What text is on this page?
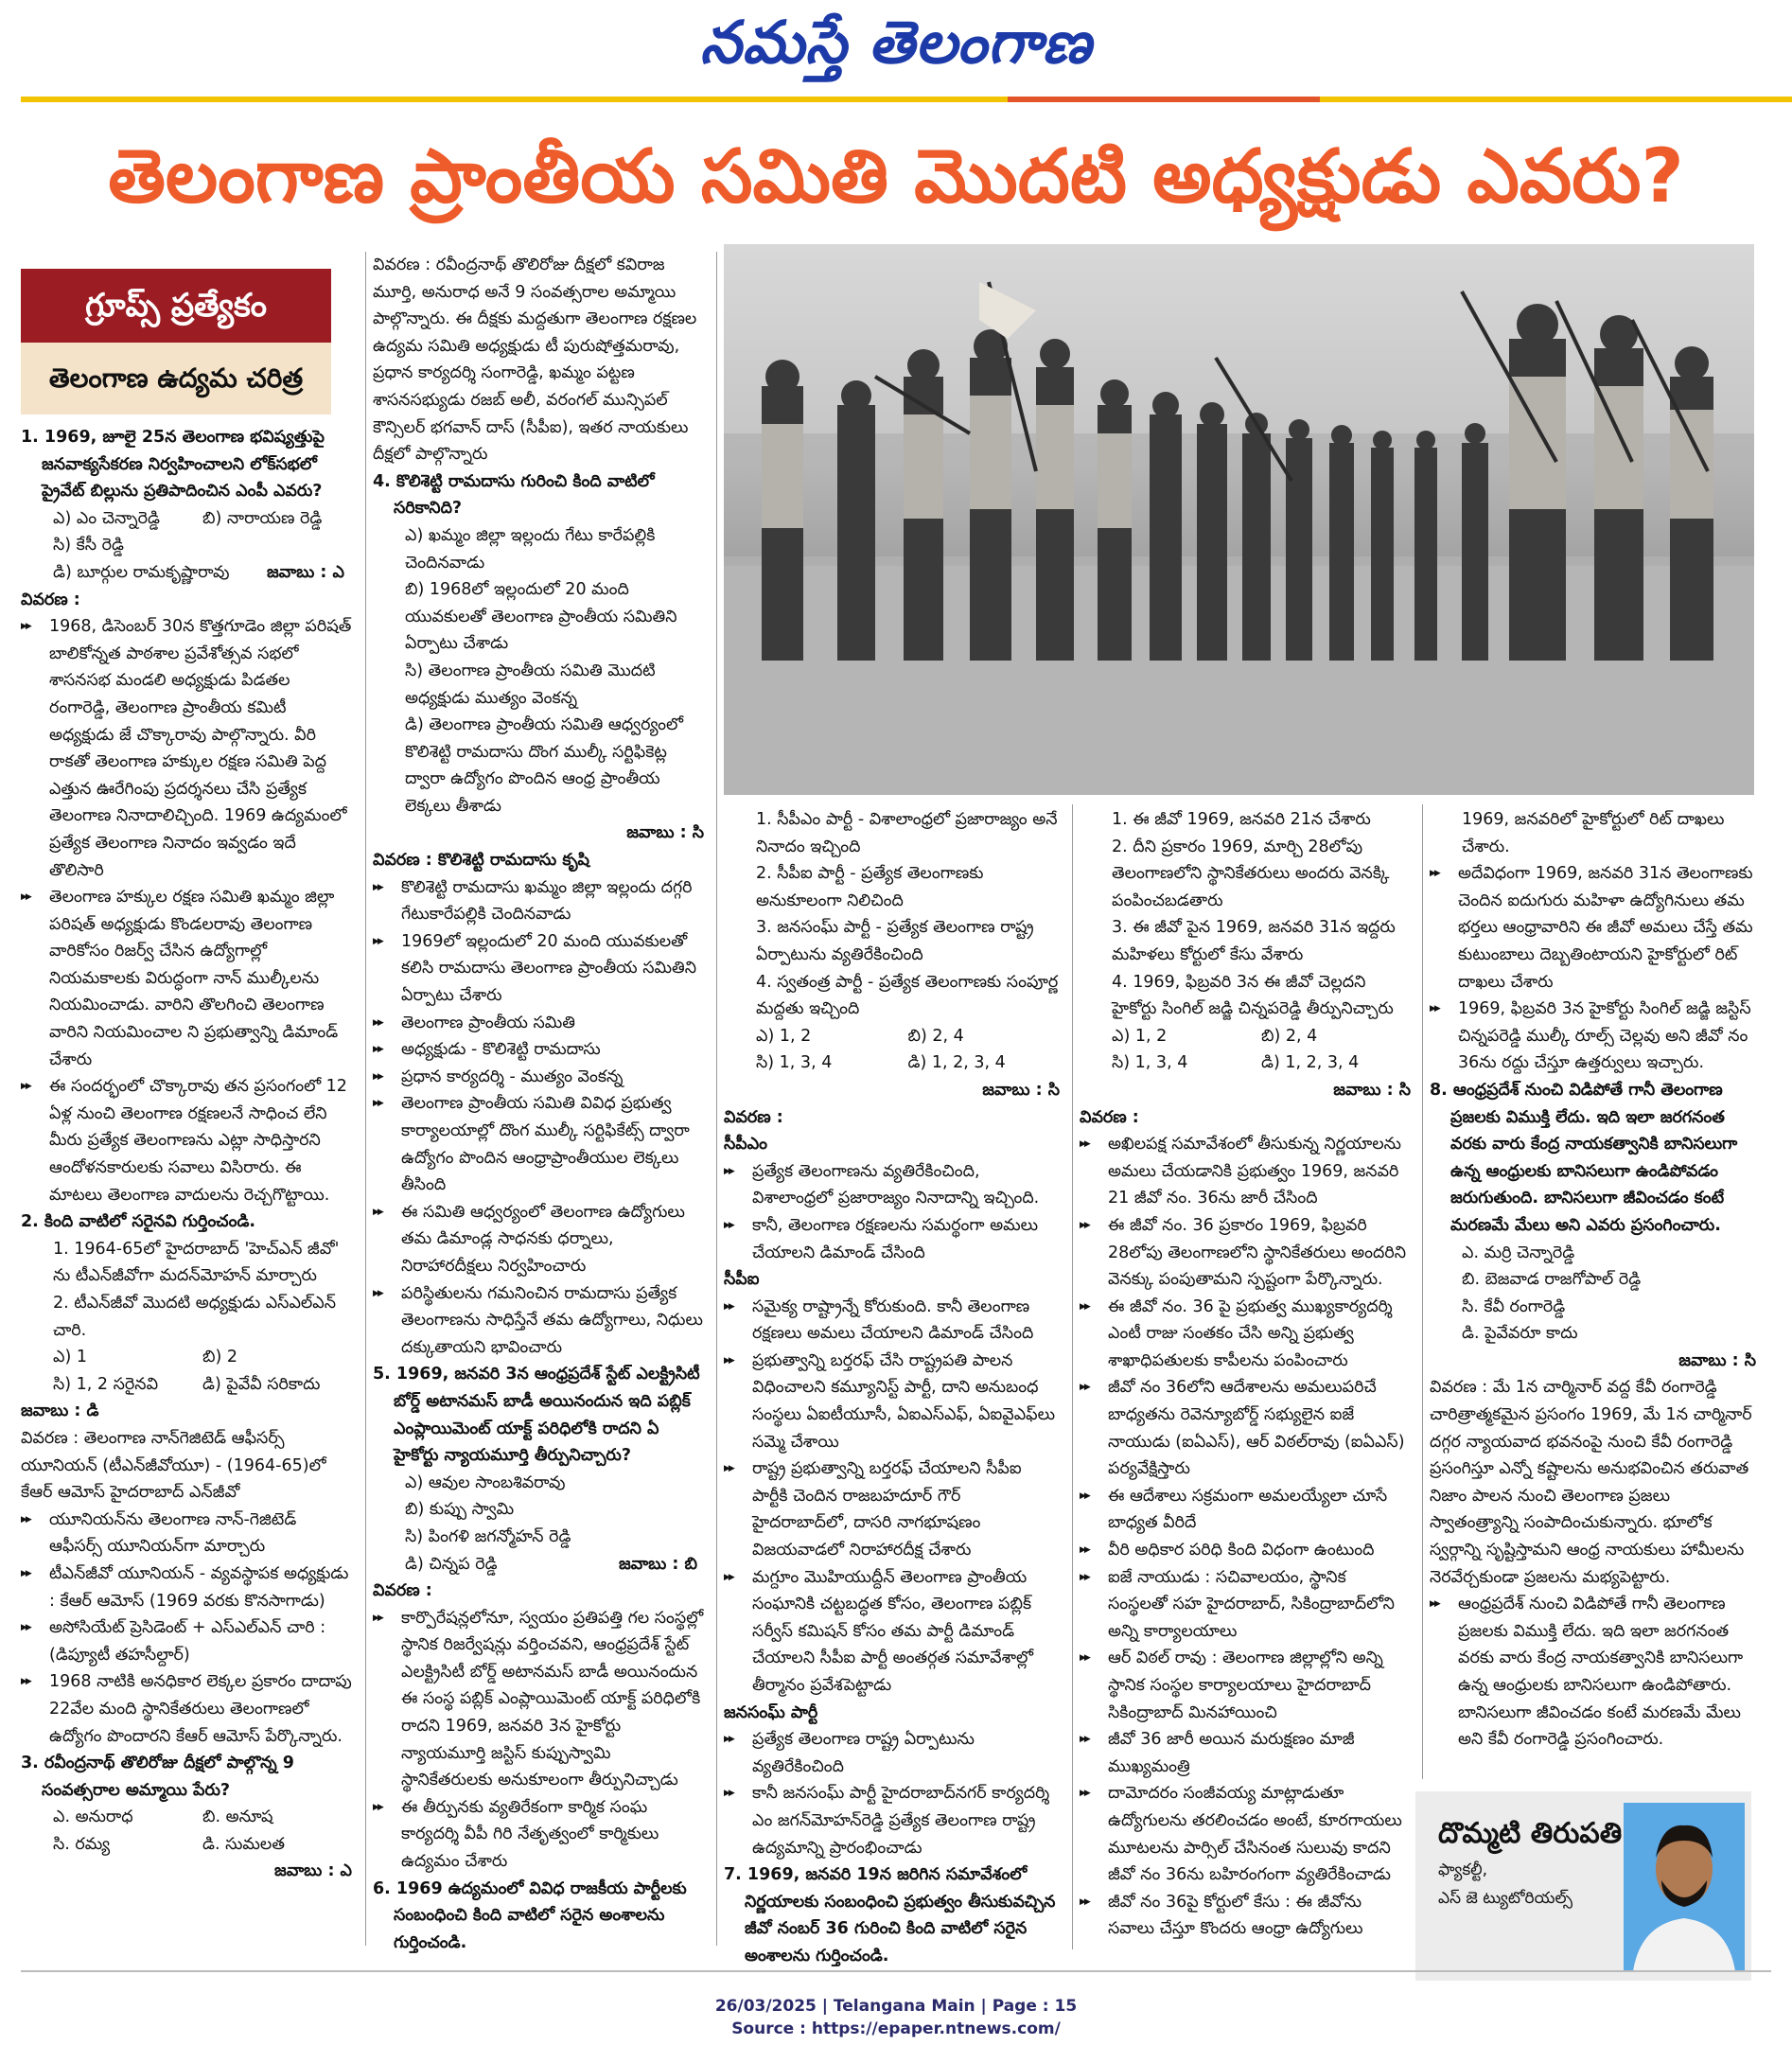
నమస్తే తెలంగాణ
తెలంగాణ ప్రాంతీయ సమితి మొదటి అధ్యక్షుడు ఎవరు?
గ్రూప్స్ ప్రత్యేకం
తెలంగాణ ఉద్యమ చరిత్ర

1. 1969, జూలై 25న తెలంగాణ భవిష్యత్తుపై జనవాక్యసేకరణ నిర్వహించాలని లోక్‌సభలో ప్రైవేట్ బిల్లును ప్రతిపాదించిన ఎంపీ ఎవరు?

ఎ) ఎం చెన్నారెడ్డి	బి) నారాయణ రెడ్డి

సి) కేసీ రెడ్డి

డి) బూర్గుల రామకృష్ణారావు	జవాబు : ఎ

వివరణ :

▶▶ 1968, డిసెంబర్ 30న కొత్తగూడెం జిల్లా పరిషత్ బాలికోన్నత పాఠశాల ప్రవేశోత్సవ సభలో శాసనసభ మండలి అధ్యక్షుడు పిడతల రంగారెడ్డి, తెలంగాణ ప్రాంతీయ కమిటీ అధ్యక్షుడు జే చొక్కారావు పాల్గొన్నారు. వీరి రాకతో తెలంగాణ హక్కుల రక్షణ సమితి పెద్ద ఎత్తున ఊరేగింపు ప్రదర్శనలు చేసి ప్రత్యేక తెలంగాణ నినాదాలిచ్చింది. 1969 ఉద్యమంలో ప్రత్యేక తెలంగాణ నినాదం ఇవ్వడం ఇదే తొలిసారి

▶▶ తెలంగాణ హక్కుల రక్షణ సమితి ఖమ్మం జిల్లా పరిషత్ అధ్యక్షుడు కొండలరావు తెలంగాణ వారికోసం రిజర్వ్ చేసిన ఉద్యోగాల్లో నియమకాలకు విరుద్ధంగా నాన్ ముల్కీలను నియమించాడు. వారిని తొలగించి తెలంగాణ వారిని నియమించాల ని ప్రభుత్వాన్ని డిమాండ్ చేశారు

▶▶ ఈ సందర్భంలో చొక్కారావు తన ప్రసంగంలో 12 ఏళ్ల నుంచి తెలంగాణ రక్షణలనే సాధించ లేని మీరు ప్రత్యేక తెలంగాణను ఎట్లా సాధిస్తారని ఆందోళనకారులకు సవాలు విసిరారు. ఈ మాటలు తెలంగాణ వాదులను రెచ్చగొట్టాయి.

2. కింది వాటిలో సరైనవి గుర్తించండి.

1. 1964-65లో హైదరాబాద్ 'హెచ్ఎన్ జీవో' ను టీఎన్‌జీవోగా మదన్‌మోహన్ మార్చారు

2. టీఎన్‌జీవో మొదటి అధ్యక్షుడు ఎస్ఎల్ఎన్ చారి.

ఎ) 1	బి) 2

సి) 1, 2 సరైనవి	డి) పైవేవీ సరికాదు

జవాబు : డి

వివరణ : తెలంగాణ నాన్‌గెజిటెడ్ ఆఫీసర్స్ యూనియన్ (టీఎన్‌జీవోయూ) - (1964-65)లో కేఆర్ ఆమోస్ హైదరాబాద్ ఎన్‌జీవో

▶▶ యూనియన్‌ను తెలంగాణ నాన్-గెజిటెడ్ ఆఫీసర్స్ యూనియన్‌గా మార్చారు

▶▶ టీఎన్‌జీవో యూనియన్ - వ్యవస్థాపక అధ్యక్షుడు : కేఆర్ ఆమోస్ (1969 వరకు కొనసాగాడు)

▶▶ అసోసియేట్ ప్రెసిడెంట్ + ఎస్ఎల్ఎన్ చారి : (డిప్యూటీ తహసీల్దార్)

▶▶ 1968 నాటికి అనధికార లెక్కల ప్రకారం దాదాపు 22వేల మంది స్థానికేతరులు తెలంగాణలో ఉద్యోగం పొందారని కేఆర్ ఆమోస్ పేర్కొన్నారు.

3. రవీంద్రనాథ్ తొలిరోజు దీక్షలో పాల్గొన్న 9 సంవత్సరాల అమ్మాయి పేరు?

ఎ. అనురాధ	బి. అనూష

సి. రమ్య	డి. సుమలత

జవాబు : ఎ

వివరణ : రవీంద్రనాథ్ తొలిరోజు దీక్షలో కవిరాజ మూర్తి, అనురాధ అనే 9 సంవత్సరాల అమ్మాయి పాల్గొన్నారు. ఈ దీక్షకు మద్దతుగా తెలంగాణ రక్షణల ఉద్యమ సమితి అధ్యక్షుడు టీ పురుషోత్తమరావు, ప్రధాన కార్యదర్శి సంగారెడ్డి, ఖమ్మం పట్టణ శాసనసభ్యుడు రజబ్ అలీ, వరంగల్ మున్సిపల్ కౌన్సిలర్ భగవాన్ దాస్ (సీపీఐ), ఇతర నాయకులు దీక్షలో పాల్గొన్నారు

4. కొలిశెట్టి రామదాసు గురించి కింది వాటిలో సరికానిది?

ఎ) ఖమ్మం జిల్లా ఇల్లందు గేటు కారేపల్లికి చెందినవాడు

బి) 1968లో ఇల్లందులో 20 మంది యువకులతో తెలంగాణ ప్రాంతీయ సమితిని ఏర్పాటు చేశాడు

సి) తెలంగాణ ప్రాంతీయ సమితి మొదటి అధ్యక్షుడు ముత్యం వెంకన్న

డి) తెలంగాణ ప్రాంతీయ సమితి ఆధ్వర్యంలో కొలిశెట్టి రామదాసు దొంగ ముల్కీ సర్టిఫికెట్ల ద్వారా ఉద్యోగం పొందిన ఆంధ్ర ప్రాంతీయ లెక్కలు తీశాడు

జవాబు : సి

వివరణ : కొలిశెట్టి రామదాసు కృషి

▶▶ కొలిశెట్టి రామదాసు ఖమ్మం జిల్లా ఇల్లందు దగ్గరి గేటుకారేపల్లికి చెందినవాడు

▶▶ 1969లో ఇల్లందులో 20 మంది యువకులతో కలిసి రామదాసు తెలంగాణ ప్రాంతీయ సమితిని ఏర్పాటు చేశారు

▶▶ తెలంగాణ ప్రాంతీయ సమితి

▶▶ అధ్యక్షుడు - కొలిశెట్టి రామదాసు

▶▶ ప్రధాన కార్యదర్శి - ముత్యం వెంకన్న

▶▶ తెలంగాణ ప్రాంతీయ సమితి వివిధ ప్రభుత్వ కార్యాలయాల్లో దొంగ ముల్కీ సర్టిఫికేట్స్ ద్వారా ఉద్యోగం పొందిన ఆంధ్రాప్రాంతీయుల లెక్కలు తీసింది

▶▶ ఈ సమితి ఆధ్వర్యంలో తెలంగాణ ఉద్యోగులు తమ డిమాండ్ల సాధనకు ధర్నాలు, నిరాహారదీక్షలు నిర్వహించారు

▶▶ పరిస్థితులను గమనించిన రామదాసు ప్రత్యేక తెలంగాణను సాధిస్తేనే తమ ఉద్యోగాలు, నిధులు దక్కుతాయని భావించారు

5. 1969, జనవరి 3న ఆంధ్రప్రదేశ్ స్టేట్ ఎలక్ట్రిసిటీ బోర్డ్ అటానమస్ బాడీ అయినందున ఇది పబ్లిక్ ఎంప్లాయిమెంట్ యాక్ట్ పరిధిలోకి రాదని ఏ హైకోర్టు న్యాయమూర్తి తీర్పునిచ్చారు?

ఎ) ఆవుల సాంబశివరావు

బి) కుప్పు స్వామి

సి) పింగళి జగన్మోహన్ రెడ్డి

డి) చిన్నప రెడ్డి	జవాబు : బి

వివరణ :

▶▶ కార్పొరేషన్లలోనూ, స్వయం ప్రతిపత్తి గల సంస్థల్లో స్థానిక రిజర్వేషన్లు వర్తించవని, ఆంధ్రప్రదేశ్ స్టేట్ ఎలక్ట్రిసిటీ బోర్డ్ అటానమస్ బాడీ అయినందున ఈ సంస్థ పబ్లిక్ ఎంప్లాయిమెంట్ యాక్ట్ పరిధిలోకి రాదని 1969, జనవరి 3న హైకోర్టు న్యాయమూర్తి జస్టిస్ కుప్పుస్వామి స్థానికేతరులకు అనుకూలంగా తీర్పునిచ్చాడు

▶▶ ఈ తీర్పునకు వ్యతిరేకంగా కార్మిక సంఘ కార్యదర్శి వీపీ గిరి నేతృత్వంలో కార్మికులు ఉద్యమం చేశారు

6. 1969 ఉద్యమంలో వివిధ రాజకీయ పార్టీలకు సంబంధించి కింది వాటిలో సరైన అంశాలను గుర్తించండి.

1. సీపీఎం పార్టీ - విశాలాంధ్రలో ప్రజారాజ్యం అనే నినాదం ఇచ్చింది

2. సీపీఐ పార్టీ - ప్రత్యేక తెలంగాణకు అనుకూలంగా నిలిచింది

3. జనసంఘ్ పార్టీ - ప్రత్యేక తెలంగాణ రాష్ట్ర ఏర్పాటును వ్యతిరేకించింది

4. స్వతంత్ర పార్టీ - ప్రత్యేక తెలంగాణకు సంపూర్ణ మద్దతు ఇచ్చింది

ఎ) 1, 2	బి) 2, 4

సి) 1, 3, 4	డి) 1, 2, 3, 4

జవాబు : సి

వివరణ :

సీపీఎం

▶▶ ప్రత్యేక తెలంగాణను వ్యతిరేకించింది, విశాలాంధ్రలో ప్రజారాజ్యం నినాదాన్ని ఇచ్చింది.

▶▶ కానీ, తెలంగాణ రక్షణలను సమర్థంగా అమలు చేయాలని డిమాండ్ చేసింది

సీపీఐ

▶▶ సమైక్య రాష్ట్రాన్నే కోరుకుంది. కానీ తెలంగాణ రక్షణలు అమలు చేయాలని డిమాండ్ చేసింది

▶▶ ప్రభుత్వాన్ని బర్తరఫ్ చేసి రాష్ట్రపతి పాలన విధించాలని కమ్యూనిస్ట్ పార్టీ, దాని అనుబంధ సంస్థలు ఏఐటీయూసీ, ఏఐఎస్ఎఫ్, ఏఐవైఎఫ్‌లు సమ్మె చేశాయి

▶▶ రాష్ట్ర ప్రభుత్వాన్ని బర్తరఫ్ చేయాలని సీపీఐ పార్టీకి చెందిన రాజబహదూర్ గౌర్ హైదరాబాద్‌లో, దాసరి నాగభూషణం విజయవాడలో నిరాహారదీక్ష చేశారు

▶▶ మగ్దూం మొహియుద్దీన్ తెలంగాణ ప్రాంతీయ సంఘానికి చట్టబద్ధత కోసం, తెలంగాణ పబ్లిక్ సర్వీస్ కమిషన్ కోసం తమ పార్టీ డిమాండ్ చేయాలని సీపీఐ పార్టీ అంతర్గత సమావేశాల్లో తీర్మానం ప్రవేశపెట్టాడు

జనసంఘ్ పార్టీ

▶▶ ప్రత్యేక తెలంగాణ రాష్ట్ర ఏర్పాటును వ్యతిరేకించింది

▶▶ కానీ జనసంఘ్ పార్టీ హైదరాబాద్‌నగర్ కార్యదర్శి ఎం జగన్‌మోహన్‌రెడ్డి ప్రత్యేక తెలంగాణ రాష్ట్ర ఉద్యమాన్ని ప్రారంభించాడు

7. 1969, జనవరి 19న జరిగిన సమావేశంలో నిర్ణయాలకు సంబంధించి ప్రభుత్వం తీసుకువచ్చిన జీవో నంబర్ 36 గురించి కింది వాటిలో సరైన అంశాలను గుర్తించండి.

1. ఈ జీవో 1969, జనవరి 21న చేశారు

2. దీని ప్రకారం 1969, మార్చి 28లోపు తెలంగాణలోని స్థానికేతరులు అందరు వెనక్కి పంపించబడతారు

3. ఈ జీవో పైన 1969, జనవరి 31న ఇద్దరు మహిళలు కోర్టులో కేసు వేశారు

4. 1969, ఫిబ్రవరి 3న ఈ జీవో చెల్లదని హైకోర్టు సింగిల్ జడ్జి చిన్నపరెడ్డి తీర్పునిచ్చారు

ఎ) 1, 2	బి) 2, 4

సి) 1, 3, 4	డి) 1, 2, 3, 4

జవాబు : సి

వివరణ :

▶▶ అఖిలపక్ష సమావేశంలో తీసుకున్న నిర్ణయాలను అమలు చేయడానికి ప్రభుత్వం 1969, జనవరి 21 జీవో నం. 36ను జారీ చేసింది

▶▶ ఈ జీవో నం. 36 ప్రకారం 1969, ఫిబ్రవరి 28లోపు తెలంగాణలోని స్థానికేతరులు అందరిని వెనక్కు పంపుతామని స్పష్టంగా పేర్కొన్నారు.

▶▶ ఈ జీవో నం. 36 పై ప్రభుత్వ ముఖ్యకార్యదర్శి ఎంటీ రాజు సంతకం చేసి అన్ని ప్రభుత్వ శాఖాధిపతులకు కాపీలను పంపించారు

▶▶ జీవో నం 36లోని ఆదేశాలను అమలుపరిచే బాధ్యతను రెవెన్యూబోర్డ్ సభ్యులైన ఐజే నాయుడు (ఐఏఎస్), ఆర్ విఠల్‌రావు (ఐఏఎస్) పర్యవేక్షిస్తారు

▶▶ ఈ ఆదేశాలు సక్రమంగా అమలయ్యేలా చూసే బాధ్యత వీరిదే

▶▶ వీరి అధికార పరిధి కింది విధంగా ఉంటుంది

▶▶ ఐజే నాయుడు : సచివాలయం, స్థానిక సంస్థలతో సహ హైదరాబాద్, సికింద్రాబాద్‌లోని అన్ని కార్యాలయాలు

▶▶ ఆర్ విఠల్ రావు : తెలంగాణ జిల్లాల్లోని అన్ని స్థానిక సంస్థల కార్యాలయాలు హైదరాబాద్ సికింద్రాబాద్ మినహాయించి

▶▶ జీవో 36 జారీ అయిన మరుక్షణం మాజీ ముఖ్యమంత్రి

▶▶ దామోదరం సంజీవయ్య మాట్లాడుతూ ఉద్యోగులను తరలించడం అంటే, కూరగాయలు మూటలను పార్సిల్ చేసినంత సులువు కాదని జీవో నం 36ను బహిరంగంగా వ్యతిరేకించాడు

▶▶ జీవో నం 36పై కోర్టులో కేసు : ఈ జీవోను సవాలు చేస్తూ కొందరు ఆంధ్రా ఉద్యోగులు

1969, జనవరిలో హైకోర్టులో రిట్ దాఖలు చేశారు.

▶▶ అదేవిధంగా 1969, జనవరి 31న తెలంగాణకు చెందిన ఐదుగురు మహిళా ఉద్యోగినులు తమ భర్తలు ఆంధ్రావారిని ఈ జీవో అమలు చేస్తే తమ కుటుంబాలు దెబ్బతింటాయని హైకోర్టులో రిట్ దాఖలు చేశారు

▶▶ 1969, ఫిబ్రవరి 3న హైకోర్టు సింగిల్ జడ్జి జస్టిస్ చిన్నపరెడ్డి ముల్కీ రూల్స్ చెల్లవు అని జీవో నం 36ను రద్దు చేస్తూ ఉత్తర్వులు ఇచ్చారు.

8. ఆంధ్రప్రదేశ్ నుంచి విడిపోతే గానీ తెలంగాణ ప్రజలకు విముక్తి లేదు. ఇది ఇలా జరగనంత వరకు వారు కేంద్ర నాయకత్వానికి బానిసలుగా ఉన్న ఆంధ్రులకు బానిసలుగా ఉండిపోవడం జరుగుతుంది. బానిసలుగా జీవించడం కంటే మరణమే మేలు అని ఎవరు ప్రసంగించారు.

ఎ. మర్రి చెన్నారెడ్డి

బి. బెజవాడ రాజగోపాల్ రెడ్డి

సి. కేవీ రంగారెడ్డి

డి. పైవేవరూ కాదు

జవాబు : సి

వివరణ : మే 1న చార్మినార్ వద్ద కేవీ రంగారెడ్డి చారిత్రాత్మకమైన ప్రసంగం 1969, మే 1న చార్మినార్ దగ్గర న్యాయవాద భవనంపై నుంచి కేవీ రంగారెడ్డి ప్రసంగిస్తూ ఎన్నో కష్టాలను అనుభవించిన తరువాత నిజాం పాలన నుంచి తెలంగాణ ప్రజలు స్వాతంత్ర్యాన్ని సంపాదించుకున్నారు. భూలోక స్వర్గాన్ని సృష్టిస్తామని ఆంధ్ర నాయకులు హామీలను నెరవేర్చకుండా ప్రజలను మభ్యపెట్టారు.

▶▶ ఆంధ్రప్రదేశ్ నుంచి విడిపోతే గానీ తెలంగాణ ప్రజలకు విముక్తి లేదు. ఇది ఇలా జరగనంత వరకు వారు కేంద్ర నాయకత్వానికి బానిసలుగా ఉన్న ఆంధ్రులకు బానిసలుగా ఉండిపోతారు. బానిసలుగా జీవించడం కంటే మరణమే మేలు అని కేవీ రంగారెడ్డి ప్రసంగించారు.

దొమ్మటి తిరుపతి
ఫ్యాకల్టీ,
ఎస్ జె ట్యుటోరియల్స్
26/03/2025 | Telangana Main | Page : 15
Source : https://epaper.ntnews.com/
